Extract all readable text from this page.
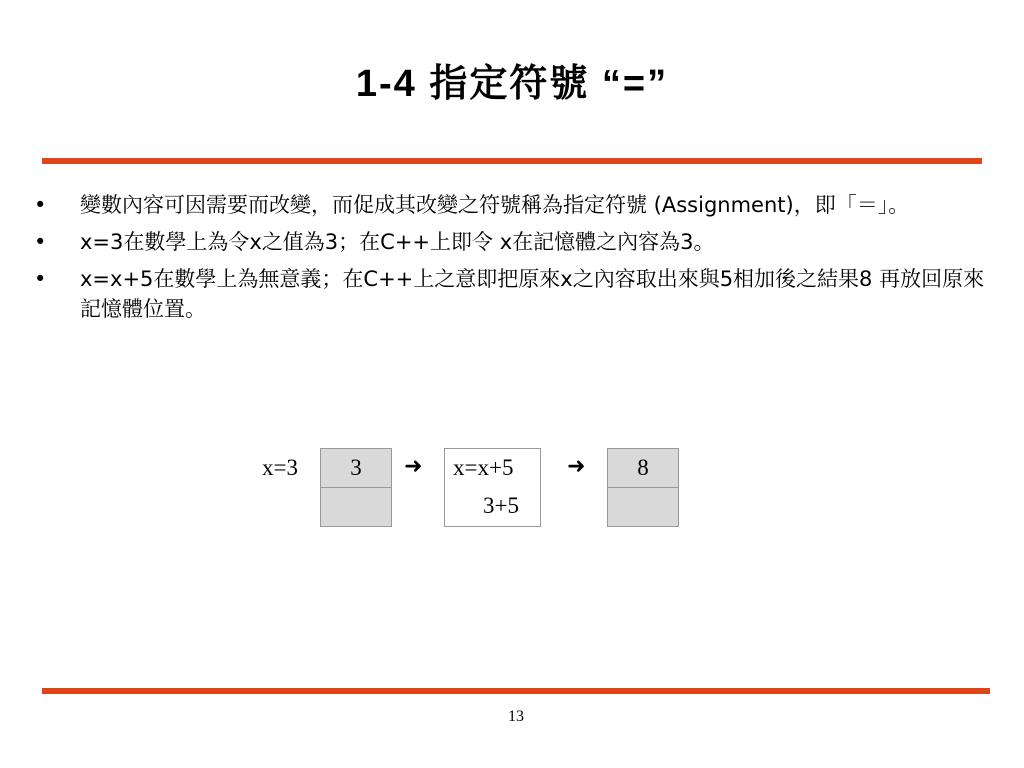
1-4 指定符號 “=”
• 變數內容可因需要而改變，而促成其改變之符號稱為指定符號 (Assignment)，即「＝」。
• x=3在數學上為令x之值為3；在C++上即令 x在記憶體之內容為3。
• x=x+5在數學上為無意義；在C++上之意即把原來x之內容取出來與5相加後之結果8 再放回原來記憶體位置。
x=3	3	➜ x=x+5
3+5
➜	8
13
